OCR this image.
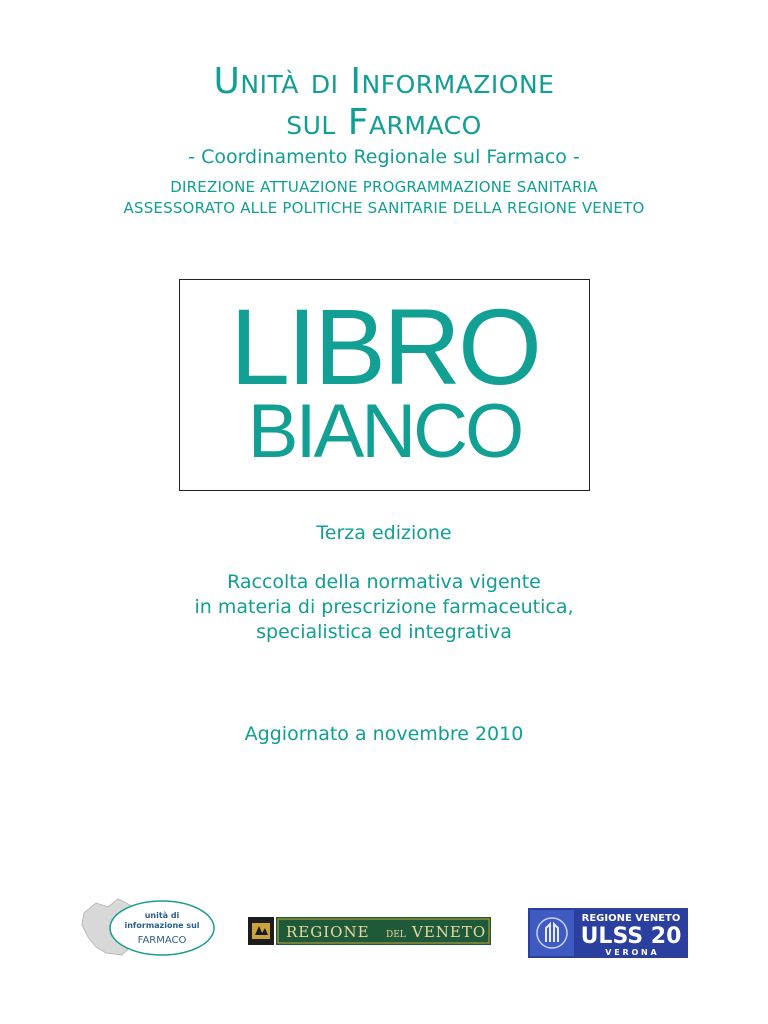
Unità di Informazione
sul Farmaco
- Coordinamento Regionale sul Farmaco -
DIREZIONE ATTUAZIONE PROGRAMMAZIONE SANITARIA
ASSESSORATO ALLE POLITICHE SANITARIE DELLA REGIONE VENETO
LIBRO
BIANCO
Terza edizione
Raccolta della normativa vigente
in materia di prescrizione farmaceutica,
specialistica ed integrativa
Aggiornato a novembre 2010
unità di
informazione sul
FARMACO	REGIONE DEL VENETO
REGIONE VENETO
ULSS 20
V E R O N A
